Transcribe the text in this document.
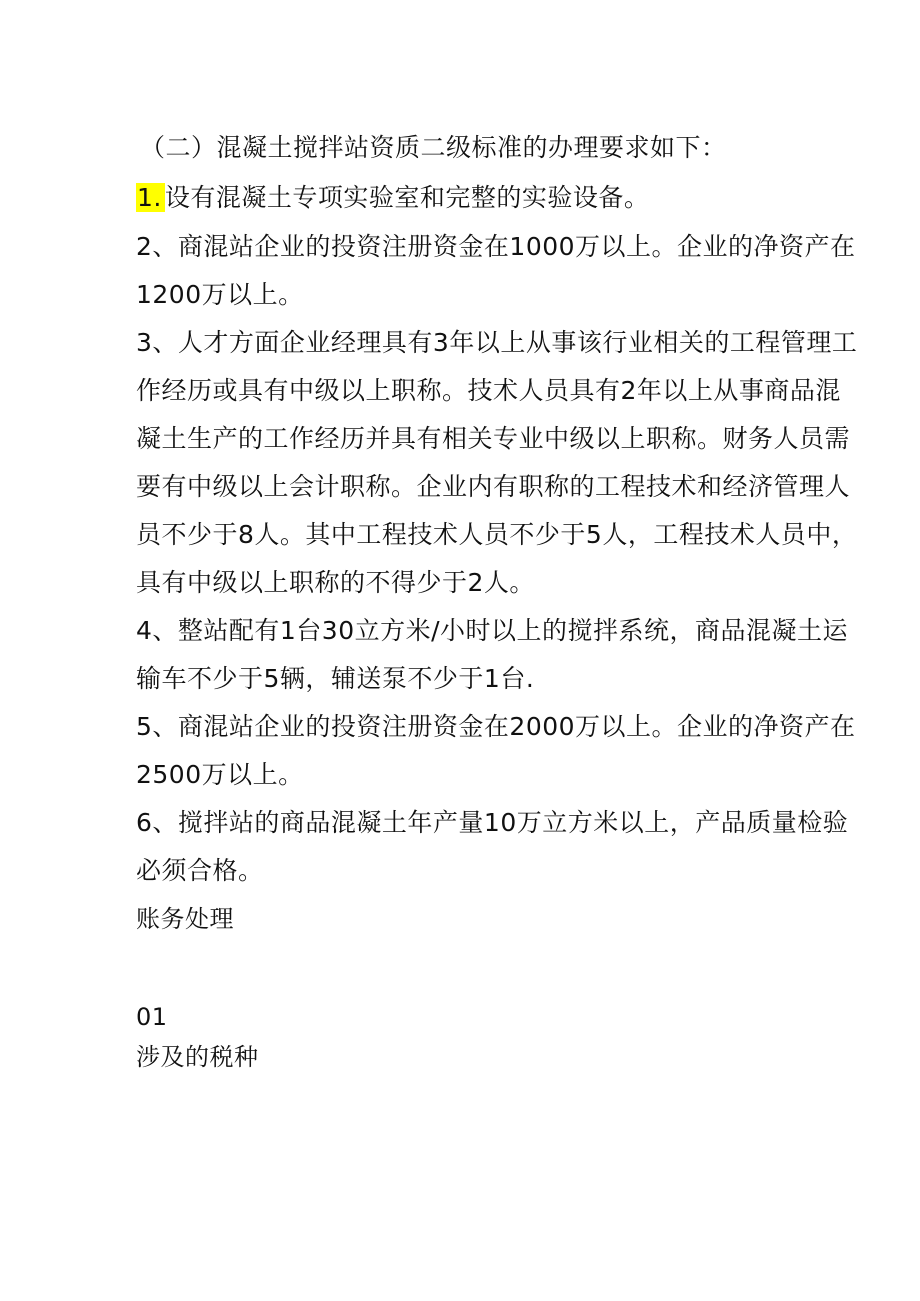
（二）混凝土搅拌站资质二级标准的办理要求如下：
1. 设有混凝土专项实验室和完整的实验设备。
2、商混站企业的投资注册资金在1000万以上。企业的净资产在
1200万以上。
3、人才方面企业经理具有3年以上从事该行业相关的工程管理工
作经历或具有中级以上职称。技术人员具有2年以上从事商品混
凝土生产的工作经历并具有相关专业中级以上职称。财务人员需
要有中级以上会计职称。企业内有职称的工程技术和经济管理人
员不少于8人。其中工程技术人员不少于5人，工程技术人员中，
具有中级以上职称的不得少于2人。
4、整站配有1台30立方米/小时以上的搅拌系统，商品混凝土运
输车不少于5辆，辅送泵不少于1台.
5、商混站企业的投资注册资金在2000万以上。企业的净资产在
2500万以上。
6、搅拌站的商品混凝土年产量10万立方米以上，产品质量检验
必须合格。
账务处理
01
涉及的税种
